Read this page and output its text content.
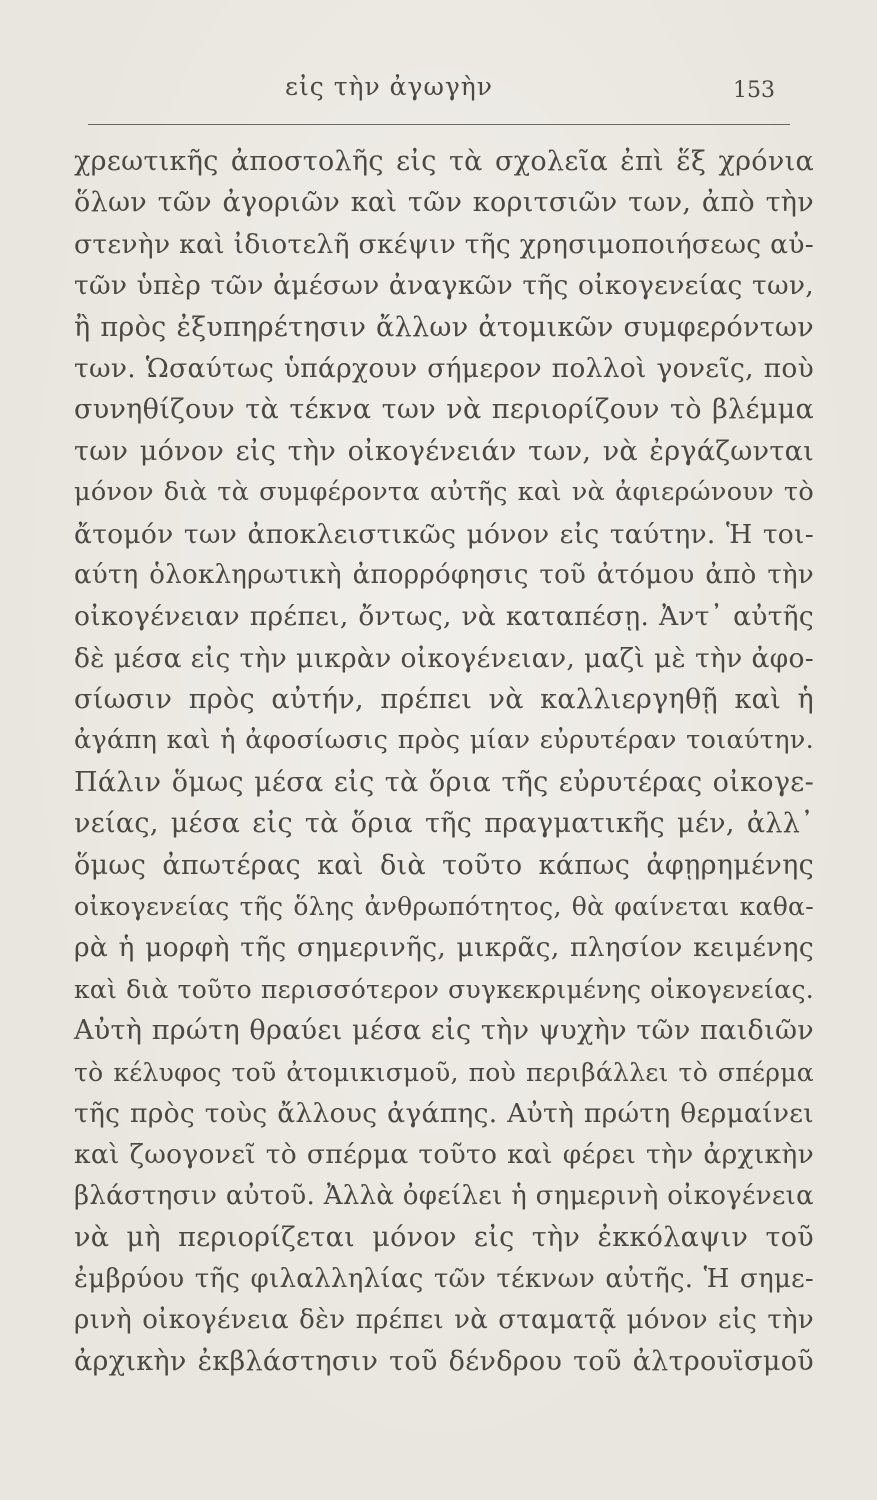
εἰς τὴν ἀγωγὴν	153
χρεωτικῆς ἀποστολῆς εἰς τὰ σχολεῖα ἐπὶ ἕξ χρόνια
ὅλων τῶν ἀγοριῶν καὶ τῶν κοριτσιῶν των, ἀπὸ τὴν
στενὴν καὶ ἰδιοτελῆ σκέψιν τῆς χρησιμοποιήσεως αὐ-
τῶν ὑπὲρ τῶν ἀμέσων ἀναγκῶν τῆς οἰκογενείας των,
ἢ πρὸς ἐξυπηρέτησιν ἄλλων ἀτομικῶν συμφερόντων
των. Ὡσαύτως ὑπάρχουν σήμερον πολλοὶ γονεῖς, ποὺ
συνηθίζουν τὰ τέκνα των νὰ περιορίζουν τὸ βλέμμα
των μόνον εἰς τὴν οἰκογένειάν των, νὰ ἐργάζωνται
μόνον διὰ τὰ συμφέροντα αὐτῆς καὶ νὰ ἀφιερώνουν τὸ
ἄτομόν των ἀποκλειστικῶς μόνον εἰς ταύτην. Ἡ τοι-
αύτη ὁλοκληρωτικὴ ἀπορρόφησις τοῦ ἀτόμου ἀπὸ τὴν
οἰκογένειαν πρέπει, ὄντως, νὰ καταπέσῃ. Ἀντ᾽ αὐτῆς
δὲ μέσα εἰς τὴν μικρὰν οἰκογένειαν, μαζὶ μὲ τὴν ἀφο-
σίωσιν πρὸς αὐτήν, πρέπει νὰ καλλιεργηθῇ καὶ ἡ
ἀγάπη καὶ ἡ ἀφοσίωσις πρὸς μίαν εὐρυτέραν τοιαύτην.
Πάλιν ὅμως μέσα εἰς τὰ ὅρια τῆς εὐρυτέρας οἰκογε-
νείας, μέσα εἰς τὰ ὅρια τῆς πραγματικῆς μέν, ἀλλ᾽
ὅμως ἀπωτέρας καὶ διὰ τοῦτο κάπως ἀφῃρημένης
οἰκογενείας τῆς ὅλης ἀνθρωπότητος, θὰ φαίνεται καθα-
ρὰ ἡ μορφὴ τῆς σημερινῆς, μικρᾶς, πλησίον κειμένης
καὶ διὰ τοῦτο περισσότερον συγκεκριμένης οἰκογενείας.
Αὐτὴ πρώτη θραύει μέσα εἰς τὴν ψυχὴν τῶν παιδιῶν
τὸ κέλυφος τοῦ ἀτομικισμοῦ, ποὺ περιβάλλει τὸ σπέρμα
τῆς πρὸς τοὺς ἄλλους ἀγάπης. Αὐτὴ πρώτη θερμαίνει
καὶ ζωογονεῖ τὸ σπέρμα τοῦτο καὶ φέρει τὴν ἀρχικὴν
βλάστησιν αὐτοῦ. Ἀλλὰ ὀφείλει ἡ σημερινὴ οἰκογένεια
νὰ μὴ περιορίζεται μόνον εἰς τὴν ἐκκόλαψιν τοῦ
ἐμβρύου τῆς φιλαλληλίας τῶν τέκνων αὐτῆς. Ἡ σημε-
ρινὴ οἰκογένεια δὲν πρέπει νὰ σταματᾷ μόνον εἰς τὴν
ἀρχικὴν ἐκβλάστησιν τοῦ δένδρου τοῦ ἀλτρουϊσμοῦ
